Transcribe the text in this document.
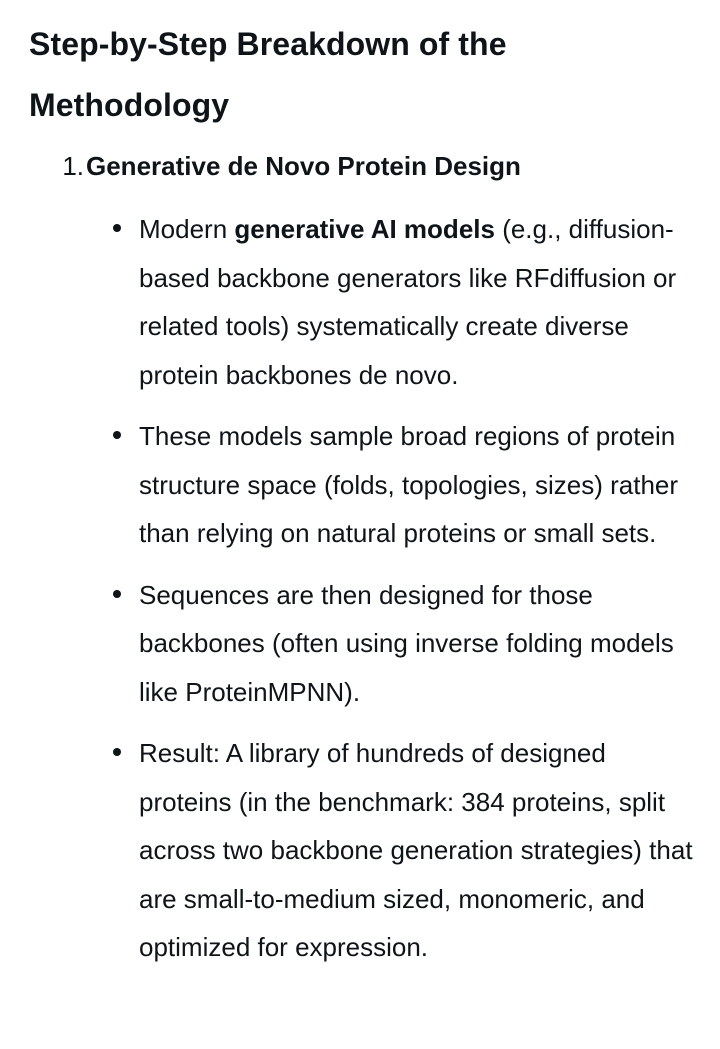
Step-by-Step Breakdown of the Methodology
1. Generative de Novo Protein Design
Modern generative AI models (e.g., diffusion-based backbone generators like RFdiffusion or related tools) systematically create diverse protein backbones de novo.
These models sample broad regions of protein structure space (folds, topologies, sizes) rather than relying on natural proteins or small sets.
Sequences are then designed for those backbones (often using inverse folding models like ProteinMPNN).
Result: A library of hundreds of designed proteins (in the benchmark: 384 proteins, split across two backbone generation strategies) that are small-to-medium sized, monomeric, and optimized for expression.
